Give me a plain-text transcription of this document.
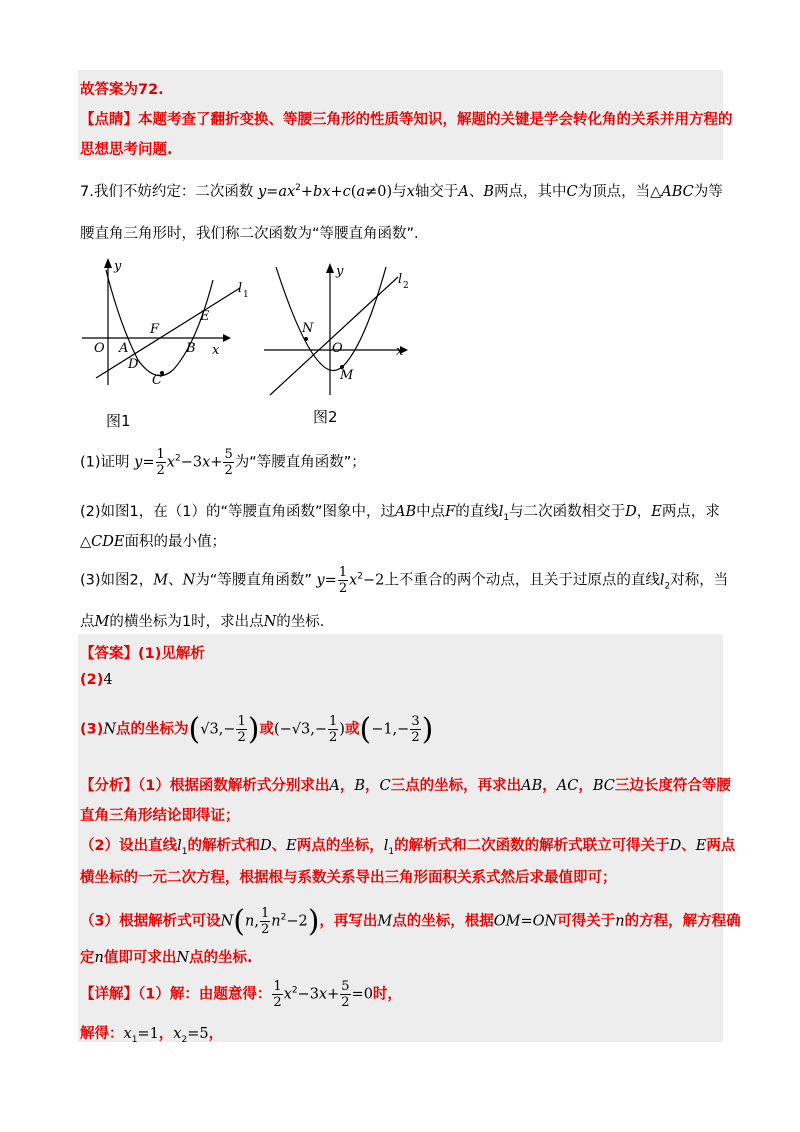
故答案为72.
【点睛】本题考查了翻折变换、等腰三角形的性质等知识，解题的关键是学会转化角的关系并用方程的
思想思考问题.
7.我们不妨约定：二次函数 $y=ax^2+bx+c(a\ne 0)$与x轴交于A、B两点，其中C为顶点，当△ABC为等
腰直角三角形时，我们称二次函数为“等腰直角函数”.
y
l 1
F
E
O A	B x
D
C
图1
y
l 2
N
O	x
M
图2
(1)证明 $y= \frac{1}{2} x^2-3x+ \frac{5}{2}$ 为“等腰直角函数”；
(2)如图1，在（1）的“等腰直角函数”图象中，过AB中点F的直线$l_1$与二次函数相交于D，E两点，求
△CDE面积的最小值；
(3)如图2，M、N为“等腰直角函数” $y= \frac{1}{2} x^2-2$上不重合的两个动点，且关于过原点的直线$l_2$对称，当
点M的横坐标为1时，求出点N的坐标.
【答案】(1)见解析
(2)4
(3)N点的坐标为($√3,- \frac{1}{2}$ )或($-√3,- \frac{1}{2}$ )或($-1,- \frac{3}{2}$ )
【分析】（1）根据函数解析式分别求出A，B，C三点的坐标，再求出AB，AC，BC三边长度符合等腰
直角三角形结论即得证；
（2）设出直线$l_1$的解析式和D、E两点的坐标，$l_1$的解析式和二次函数的解析式联立可得关于D、E两点
横坐标的一元二次方程，根据根与系数关系导出三角形面积关系式然后求最值即可；
（3）根据解析式可设N(n, $\frac{1}{2} n^2-2$)，再写出M点的坐标，根据OM=ON可得关于n的方程，解方程确
定n值即可求出N点的坐标.
【详解】（1）解：由题意得： $\frac{1}{2} x^2-3x+ \frac{5}{2} =0$时，
解得：$x_1=1$，$x_2=5$，
